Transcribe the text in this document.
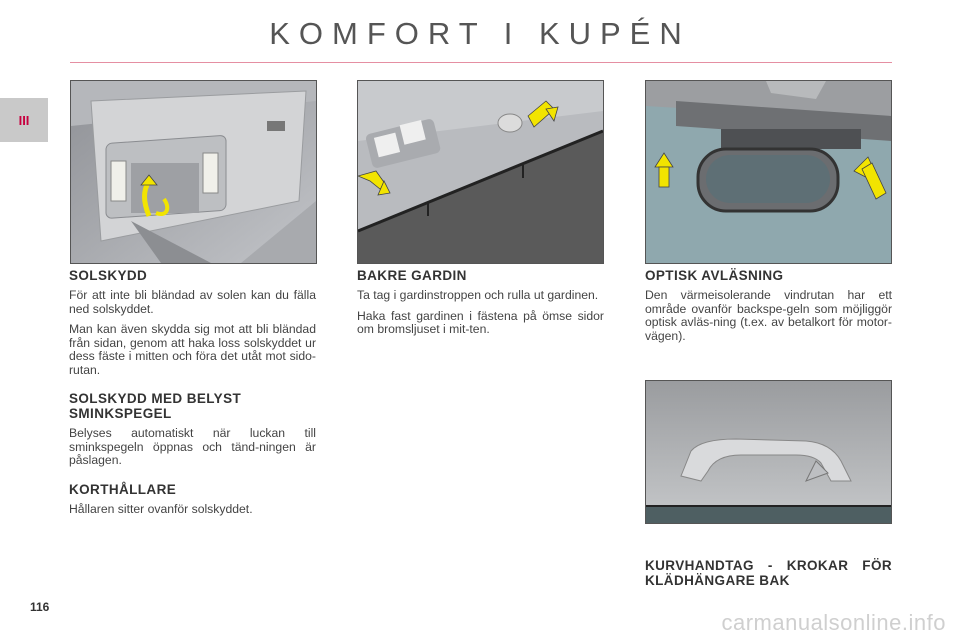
KOMFORT I KUPÉN
III
SOLSKYDD

För att inte bli bländad av solen kan du fälla ned solskyddet.

Man kan även skydda sig mot att bli bländad från sidan, genom att haka loss solskyddet ur dess fäste i mitten och föra det utåt mot sido-rutan.

SOLSKYDD MED BELYST SMINKSPEGEL

Belyses automatiskt när luckan till sminkspegeln öppnas och tänd-ningen är påslagen.

KORTHÅLLARE

Hållaren sitter ovanför solskyddet.

BAKRE GARDIN

Ta tag i gardinstroppen och rulla ut gardinen.

Haka fast gardinen i fästena på ömse sidor om bromsljuset i mit-ten.

OPTISK AVLÄSNING

Den värmeisolerande vindrutan har ett område ovanför backspe-geln som möjliggör optisk avläs-ning (t.ex. av betalkort för motor-vägen).

KURVHANDTAG - KROKAR FÖR KLÄDHÄNGARE BAK
116
carmanualsonline.info
